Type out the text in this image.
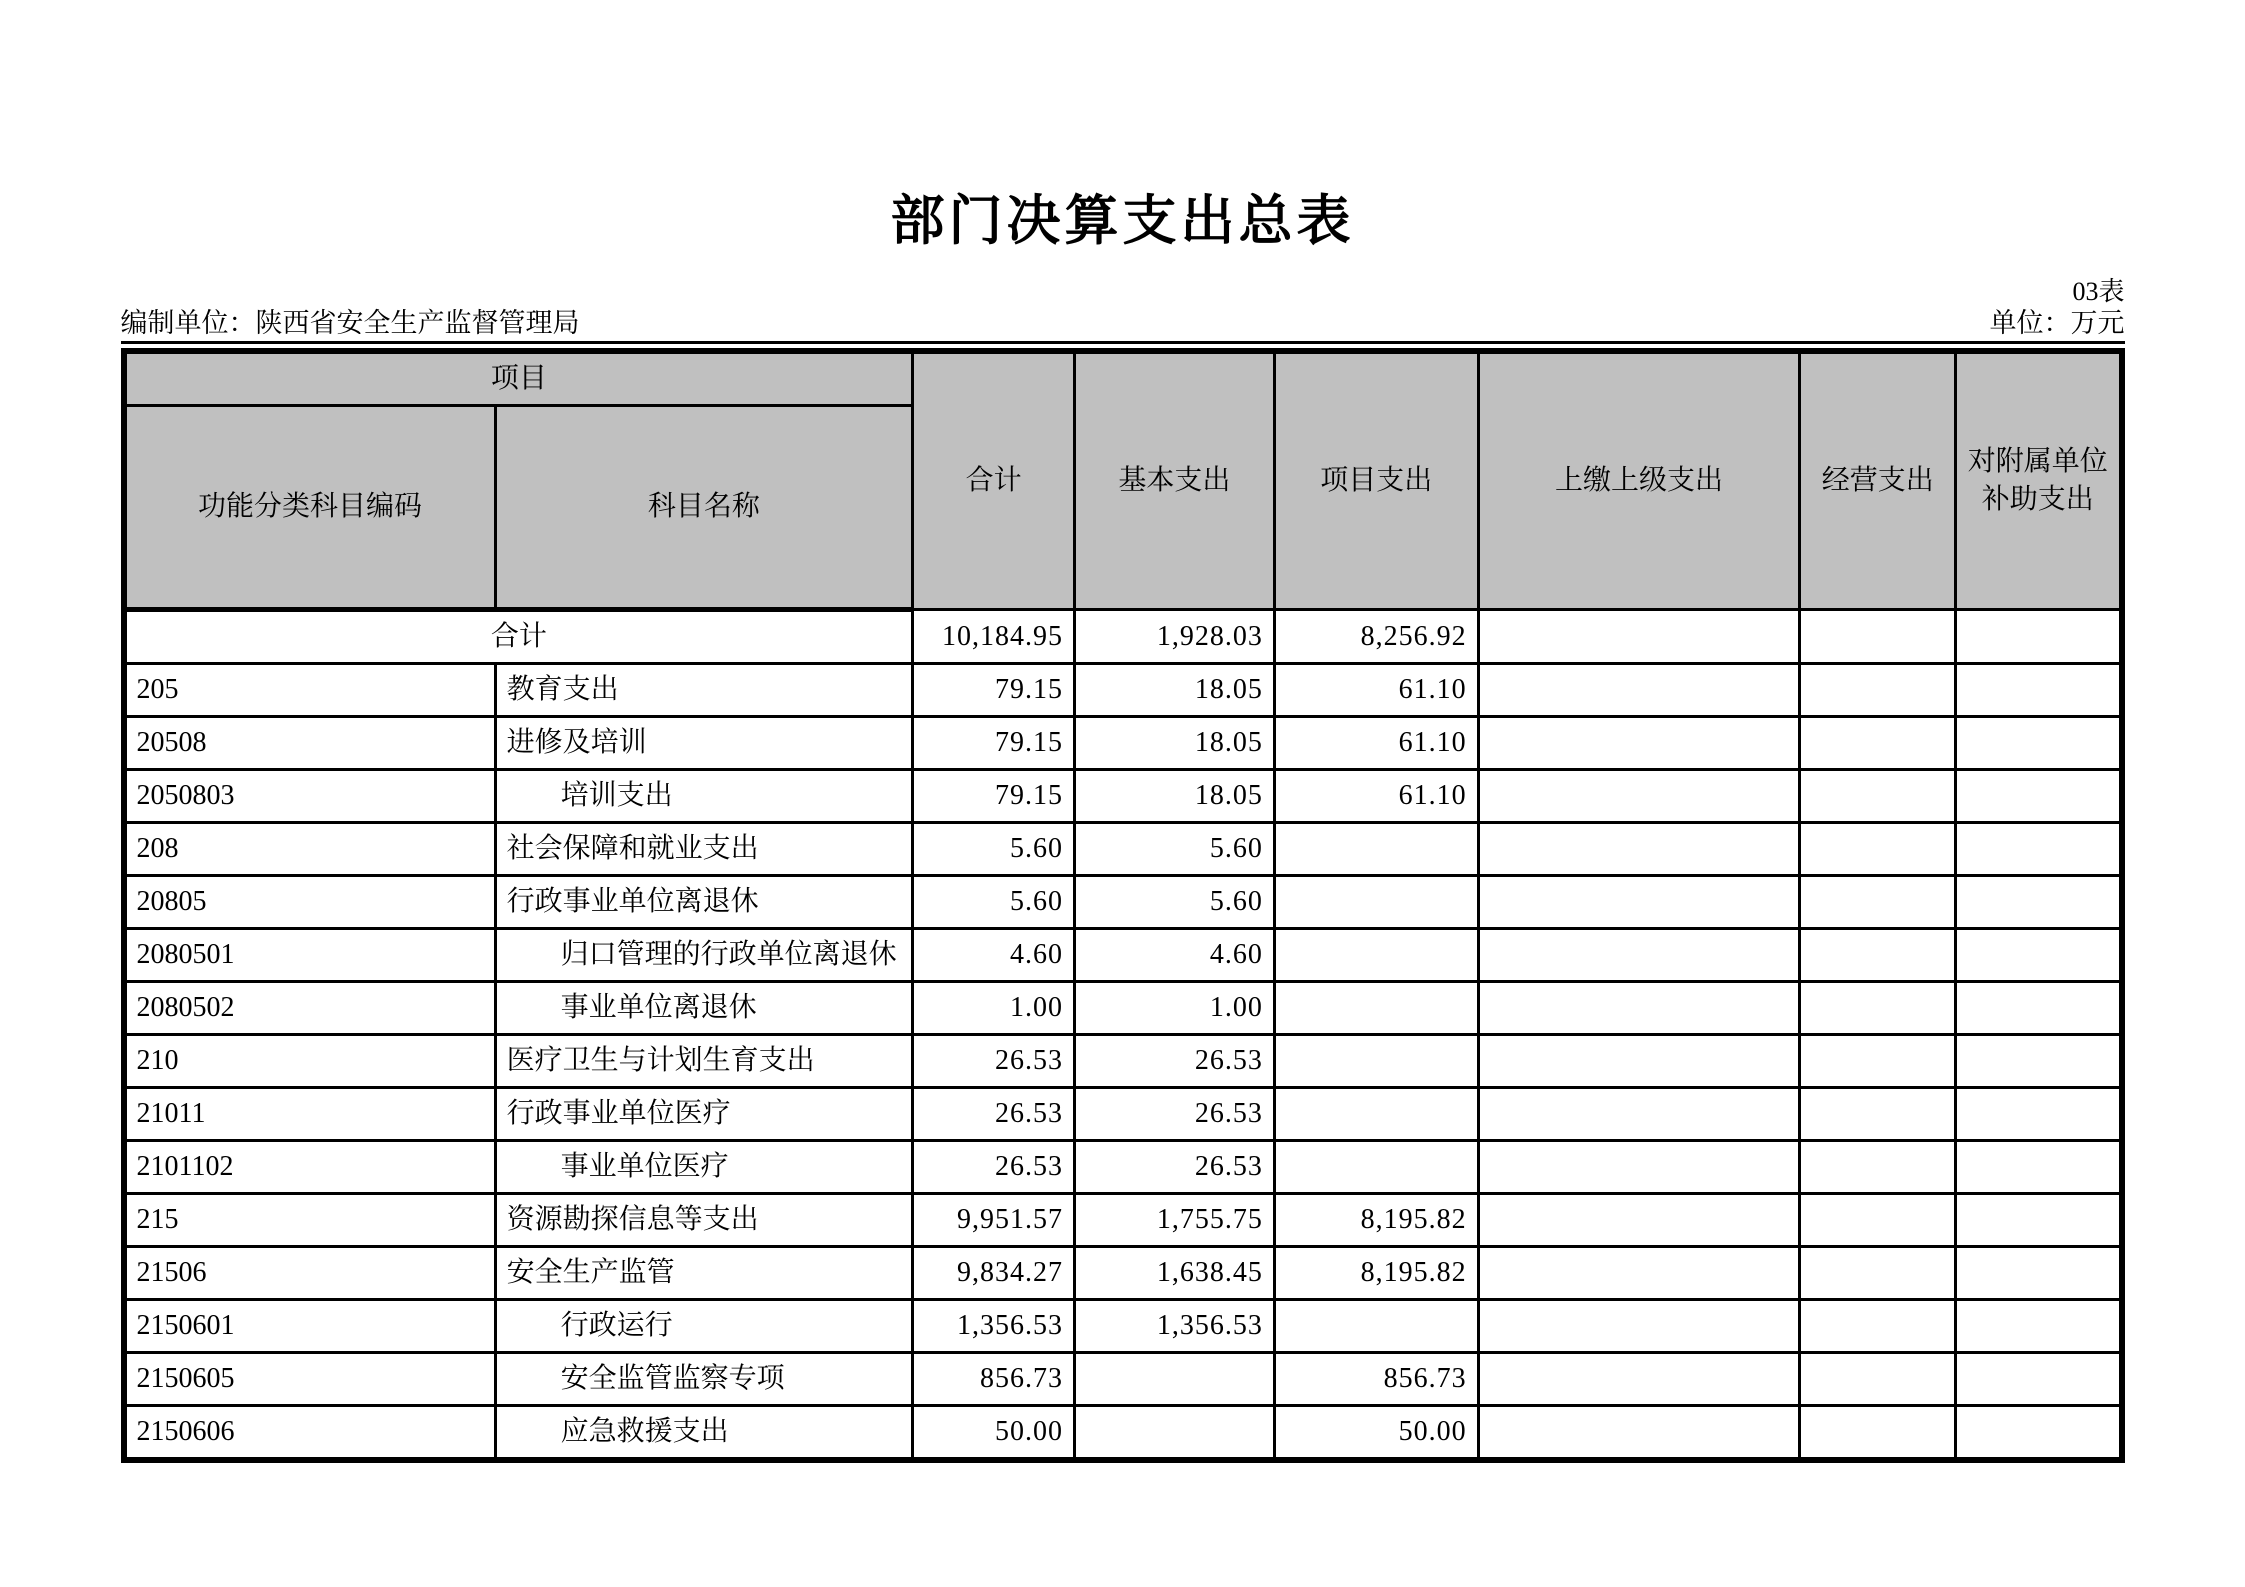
部门决算支出总表
03表
编制单位：陕西省安全生产监督管理局	单位：万元
项目		合计	基本支出	项目支出	上缴上级支出	经营支出	对附属单位补助支出
功能分类科目编码	科目名称						
合计		10,184.95	1,928.03	8,256.92			
205	教育支出	79.15	18.05	61.10			
20508	进修及培训	79.15	18.05	61.10			
2050803	培训支出	79.15	18.05	61.10			
208	社会保障和就业支出	5.60	5.60				
20805	行政事业单位离退休	5.60	5.60				
2080501	归口管理的行政单位离退休	4.60	4.60				
2080502	事业单位离退休	1.00	1.00				
210	医疗卫生与计划生育支出	26.53	26.53				
21011	行政事业单位医疗	26.53	26.53				
2101102	事业单位医疗	26.53	26.53				
215	资源勘探信息等支出	9,951.57	1,755.75	8,195.82			
21506	安全生产监管	9,834.27	1,638.45	8,195.82			
2150601	行政运行	1,356.53	1,356.53				
2150605	安全监管监察专项	856.73		856.73			
2150606	应急救援支出	50.00		50.00			
